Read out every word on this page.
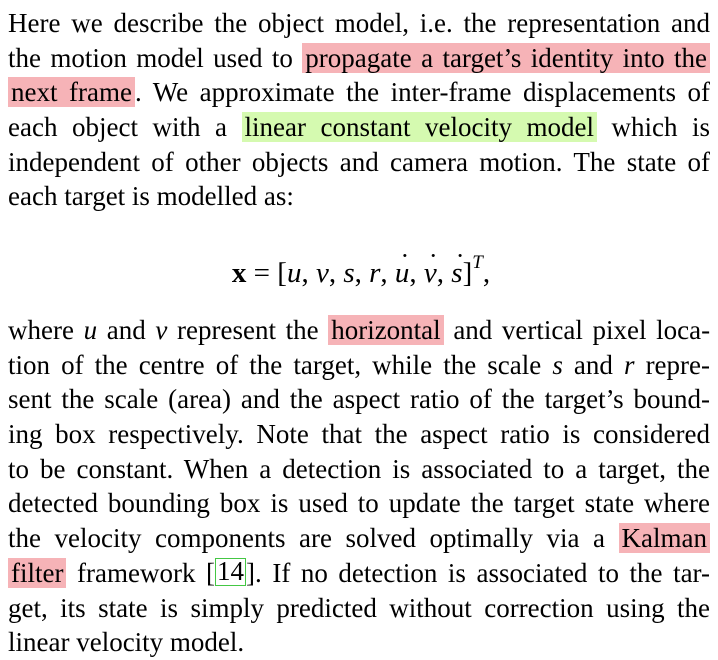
Here we describe the object model, i.e. the representation and
the motion model used to propagate a target’s identity into the
next frame . We approximate the inter-frame displacements of
each object with a linear constant velocity model which is
independent of other objects and camera motion. The state of
each target is modelled as:
x = [u, v, s, r, u ˙, v ˙, s ˙]$^T$,
where u and v represent the horizontal and vertical pixel loca-
tion of the centre of the target, while the scale s and r repre-
sent the scale (area) and the aspect ratio of the target’s bound-
ing box respectively. Note that the aspect ratio is considered
to be constant. When a detection is associated to a target, the
detected bounding box is used to update the target state where
the velocity components are solved optimally via a Kalman
filter framework [14]. If no detection is associated to the tar-
get, its state is simply predicted without correction using the
linear velocity model.
